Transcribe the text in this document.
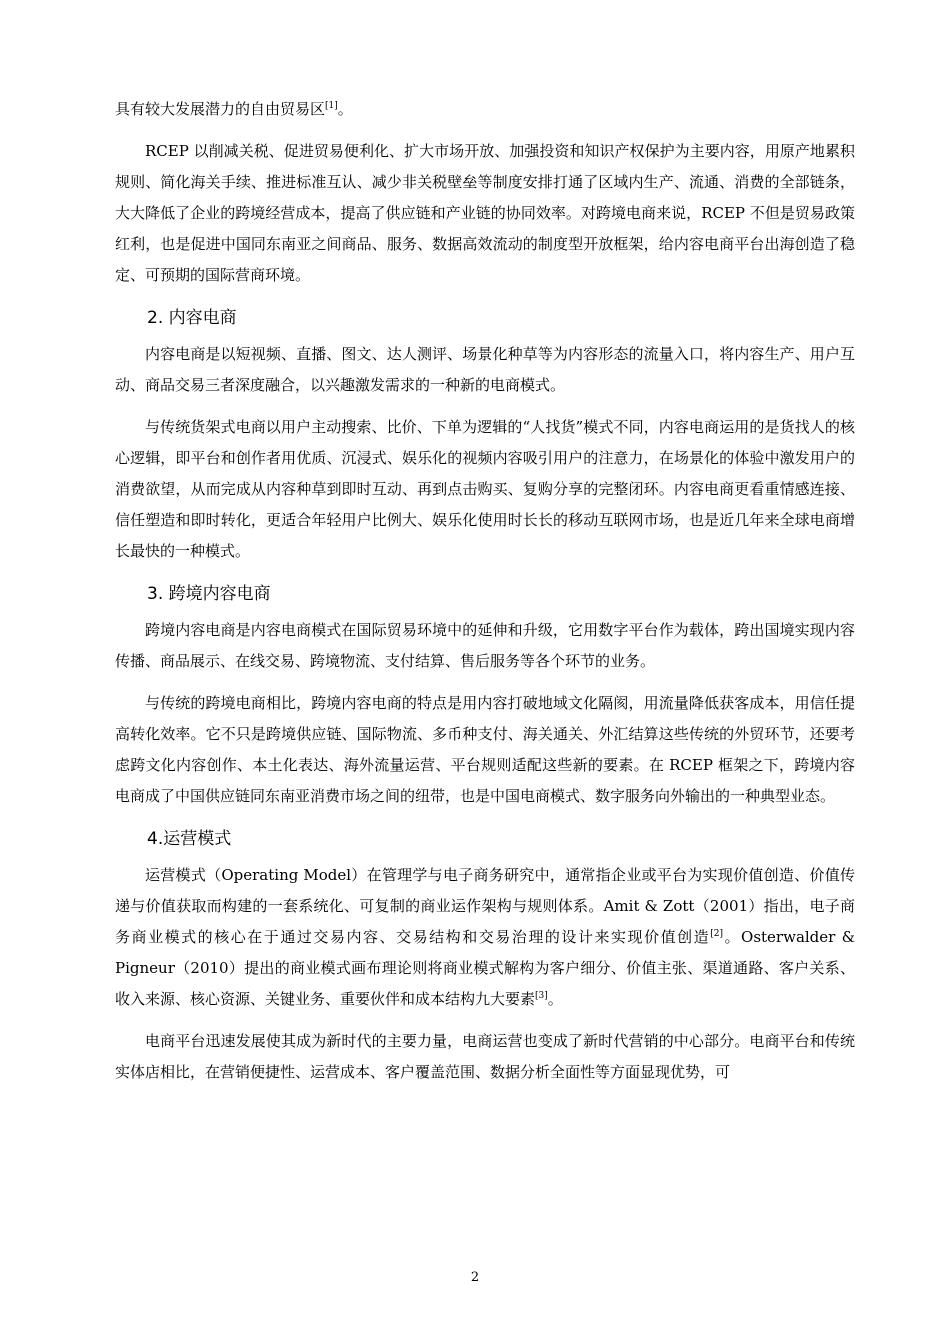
具有较大发展潜力的自由贸易区[1]。

RCEP 以削减关税、促进贸易便利化、扩大市场开放、加强投资和知识产权保护为主要内容，用原产地累积规则、简化海关手续、推进标准互认、减少非关税壁垒等制度安排打通了区域内生产、流通、消费的全部链条，大大降低了企业的跨境经营成本，提高了供应链和产业链的协同效率。对跨境电商来说，RCEP 不但是贸易政策红利，也是促进中国同东南亚之间商品、服务、数据高效流动的制度型开放框架，给内容电商平台出海创造了稳定、可预期的国际营商环境。

2. 内容电商

内容电商是以短视频、直播、图文、达人测评、场景化种草等为内容形态的流量入口，将内容生产、用户互动、商品交易三者深度融合，以兴趣激发需求的一种新的电商模式。

与传统货架式电商以用户主动搜索、比价、下单为逻辑的“人找货”模式不同，内容电商运用的是货找人的核心逻辑，即平台和创作者用优质、沉浸式、娱乐化的视频内容吸引用户的注意力，在场景化的体验中激发用户的消费欲望，从而完成从内容种草到即时互动、再到点击购买、复购分享的完整闭环。内容电商更看重情感连接、信任塑造和即时转化，更适合年轻用户比例大、娱乐化使用时长长的移动互联网市场，也是近几年来全球电商增长最快的一种模式。

3. 跨境内容电商

跨境内容电商是内容电商模式在国际贸易环境中的延伸和升级，它用数字平台作为载体，跨出国境实现内容传播、商品展示、在线交易、跨境物流、支付结算、售后服务等各个环节的业务。

与传统的跨境电商相比，跨境内容电商的特点是用内容打破地域文化隔阂，用流量降低获客成本，用信任提高转化效率。它不只是跨境供应链、国际物流、多币种支付、海关通关、外汇结算这些传统的外贸环节，还要考虑跨文化内容创作、本土化表达、海外流量运营、平台规则适配这些新的要素。在 RCEP 框架之下，跨境内容电商成了中国供应链同东南亚消费市场之间的纽带，也是中国电商模式、数字服务向外输出的一种典型业态。

4.运营模式

运营模式（Operating Model）在管理学与电子商务研究中，通常指企业或平台为实现价值创造、价值传递与价值获取而构建的一套系统化、可复制的商业运作架构与规则体系。Amit & Zott（2001）指出，电子商务商业模式的核心在于通过交易内容、交易结构和交易治理的设计来实现价值创造[2]。Osterwalder & Pigneur（2010）提出的商业模式画布理论则将商业模式解构为客户细分、价值主张、渠道通路、客户关系、收入来源、核心资源、关键业务、重要伙伴和成本结构九大要素[3]。

电商平台迅速发展使其成为新时代的主要力量，电商运营也变成了新时代营销的中心部分。电商平台和传统实体店相比，在营销便捷性、运营成本、客户覆盖范围、数据分析全面性等方面显现优势，可

2
